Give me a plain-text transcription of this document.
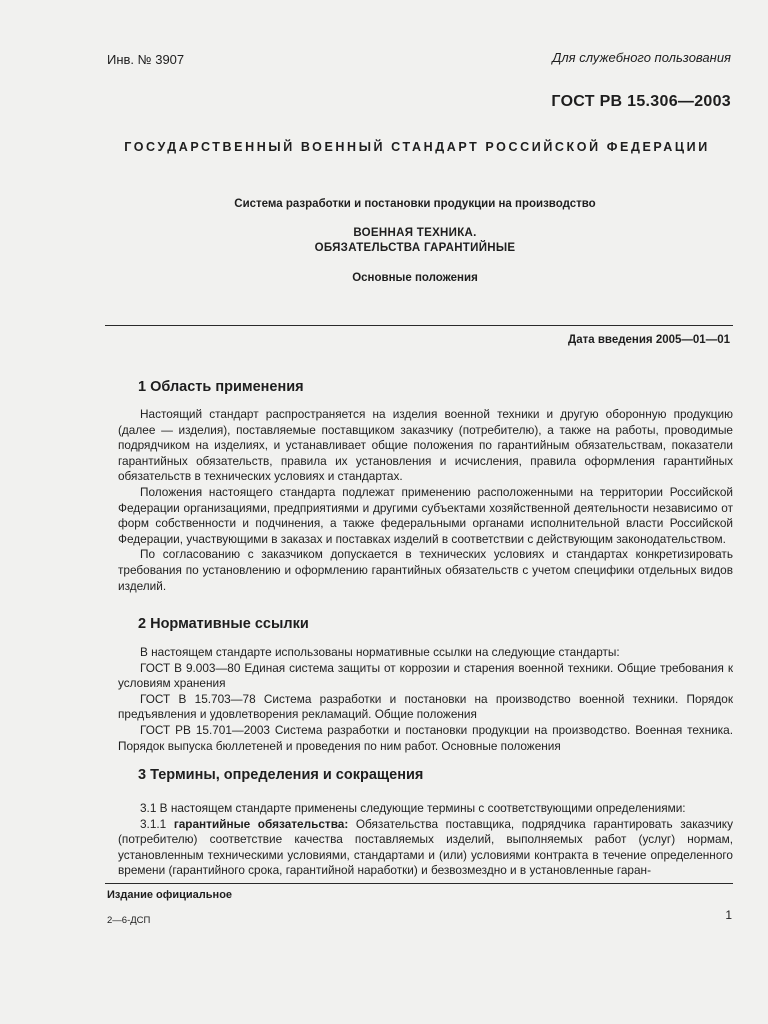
Инв. № 3907	Для служебного пользования
ГОСТ РВ 15.306—2003
ГОСУДАРСТВЕННЫЙ ВОЕННЫЙ СТАНДАРТ РОССИЙСКОЙ ФЕДЕРАЦИИ
Система разработки и постановки продукции на производство
ВОЕННАЯ ТЕХНИКА.
ОБЯЗАТЕЛЬСТВА ГАРАНТИЙНЫЕ
Основные положения
Дата введения 2005—01—01
1 Область применения

Настоящий стандарт распространяется на изделия военной техники и другую оборонную продукцию (далее — изделия), поставляемые поставщиком заказчику (потребителю), а также на работы, проводимые подрядчиком на изделиях, и устанавливает общие положения по гарантийным обязательствам, показатели гарантийных обязательств, правила их установления и исчисления, правила оформления гарантийных обязательств в технических условиях и стандартах.

Положения настоящего стандарта подлежат применению расположенными на территории Российской Федерации организациями, предприятиями и другими субъектами хозяйственной деятельности независимо от форм собственности и подчинения, а также федеральными органами исполнительной власти Российской Федерации, участвующими в заказах и поставках изделий в соответствии с действующим законодательством.

По согласованию с заказчиком допускается в технических условиях и стандартах конкретизировать требования по установлению и оформлению гарантийных обязательств с учетом специфики отдельных видов изделий.

2 Нормативные ссылки

В настоящем стандарте использованы нормативные ссылки на следующие стандарты:

ГОСТ В 9.003—80 Единая система защиты от коррозии и старения военной техники. Общие требования к условиям хранения

ГОСТ В 15.703—78 Система разработки и постановки на производство военной техники. Порядок предъявления и удовлетворения рекламаций. Общие положения

ГОСТ РВ 15.701—2003 Система разработки и постановки продукции на производство. Военная техника. Порядок выпуска бюллетеней и проведения по ним работ. Основные положения

3 Термины, определения и сокращения

3.1 В настоящем стандарте применены следующие термины с соответствующими определениями:

3.1.1 гарантийные обязательства: Обязательства поставщика, подрядчика гарантировать заказчику (потребителю) соответствие качества поставляемых изделий, выполняемых работ (услуг) нормам, установленным техническими условиями, стандартами и (или) условиями контракта в течение определенного времени (гарантийного срока, гарантийной наработки) и безвозмездно и в установленные гаран-

Издание официальное
2—6-ДСП	1
